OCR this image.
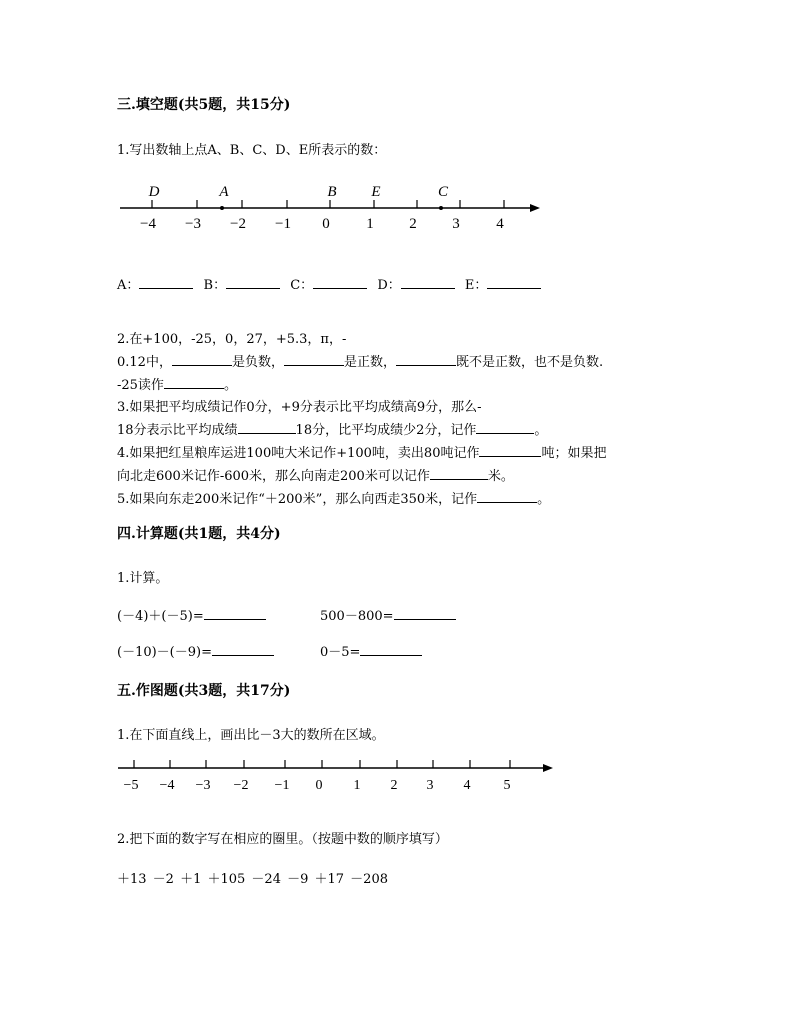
三.填空题(共5题，共15分)
1.写出数轴上点A、B、C、D、E所表示的数：
−4 −3 −2 −1 0 1 2 3 4
D	A	B E	C
A：	B：	C：	D：	E：
2.在+100，-25，0，27，+5.3，π，-
0.12中，	是负数，	是正数，	既不是正数，也不是负数.
-25读作	。
3.如果把平均成绩记作0分，+9分表示比平均成绩高9分，那么-
18分表示比平均成绩	18分，比平均成绩少2分，记作	。
4.如果把红星粮库运进100吨大米记作+100吨，卖出80吨记作	吨；如果把
向北走600米记作-600米，那么向南走200米可以记作	米。
5.如果向东走200米记作“＋200米”，那么向西走350米，记作	。
四.计算题(共1题，共4分)
1.计算。
(－4)＋(－5)=	500－800=
(－10)－(－9)=	0－5=
五.作图题(共3题，共17分)
1.在下面直线上，画出比－3大的数所在区域。
−5 −4 −3 −2 −1 0 1 2 3 4 5
2.把下面的数字写在相应的圈里。（按题中数的顺序填写）
＋13 －2 ＋1 ＋105 －24 －9 ＋17 －208
